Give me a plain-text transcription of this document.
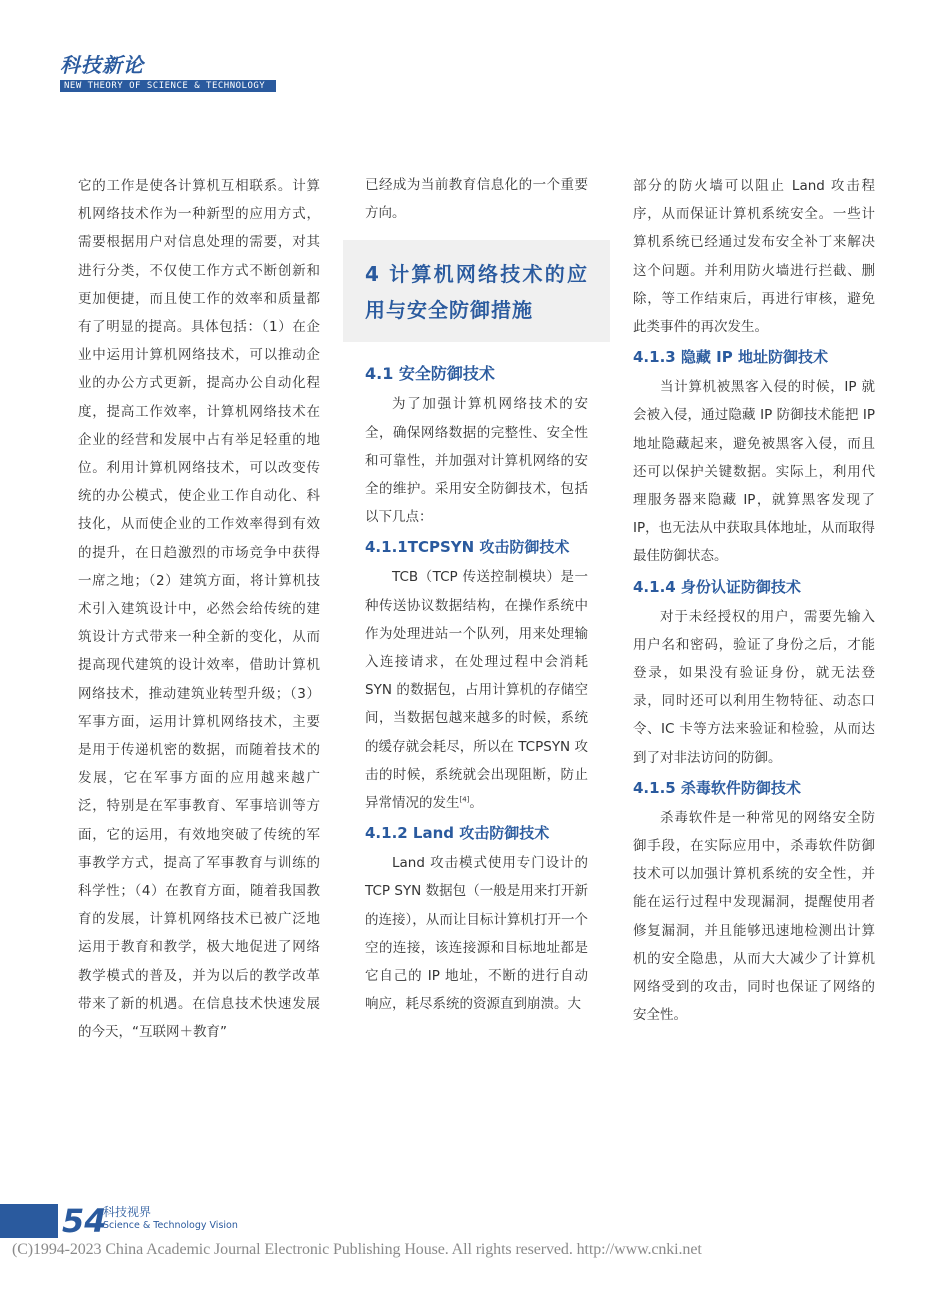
科技新论
NEW THEORY OF SCIENCE & TECHNOLOGY

它的工作是使各计算机互相联系。计算机网络技术作为一种新型的应用方式，需要根据用户对信息处理的需要，对其进行分类，不仅使工作方式不断创新和更加便捷，而且使工作的效率和质量都有了明显的提高。具体包括：（1）在企业中运用计算机网络技术，可以推动企业的办公方式更新，提高办公自动化程度，提高工作效率，计算机网络技术在企业的经营和发展中占有举足轻重的地位。利用计算机网络技术，可以改变传统的办公模式，使企业工作自动化、科技化，从而使企业的工作效率得到有效的提升，在日趋激烈的市场竞争中获得一席之地；（2）建筑方面，将计算机技术引入建筑设计中，必然会给传统的建筑设计方式带来一种全新的变化，从而提高现代建筑的设计效率，借助计算机网络技术，推动建筑业转型升级；（3）军事方面，运用计算机网络技术，主要是用于传递机密的数据，而随着技术的发展，它在军事方面的应用越来越广泛，特别是在军事教育、军事培训等方面，它的运用，有效地突破了传统的军事教学方式，提高了军事教育与训练的科学性；（4）在教育方面，随着我国教育的发展，计算机网络技术已被广泛地运用于教育和教学，极大地促进了网络教学模式的普及，并为以后的教学改革带来了新的机遇。在信息技术快速发展的今天，“互联网＋教育”

已经成为当前教育信息化的一个重要方向。

4 计算机网络技术的应用与安全防御措施
4.1 安全防御技术

为了加强计算机网络技术的安全，确保网络数据的完整性、安全性和可靠性，并加强对计算机网络的安全的维护。采用安全防御技术，包括以下几点：

4.1.1TCPSYN 攻击防御技术

TCB（TCP 传送控制模块）是一种传送协议数据结构，在操作系统中作为处理进站一个队列，用来处理输入连接请求，在处理过程中会消耗 SYN 的数据包，占用计算机的存储空间，当数据包越来越多的时候，系统的缓存就会耗尽，所以在 TCPSYN 攻击的时候，系统就会出现阻断，防止异常情况的发生[4]。

4.1.2 Land 攻击防御技术

Land 攻击模式使用专门设计的 TCP SYN 数据包（一般是用来打开新的连接），从而让目标计算机打开一个空的连接，该连接源和目标地址都是它自己的 IP 地址，不断的进行自动响应，耗尽系统的资源直到崩溃。大

部分的防火墙可以阻止 Land 攻击程序，从而保证计算机系统安全。一些计算机系统已经通过发布安全补丁来解决这个问题。并利用防火墙进行拦截、删除，等工作结束后，再进行审核，避免此类事件的再次发生。

4.1.3 隐藏 IP 地址防御技术

当计算机被黑客入侵的时候，IP 就会被入侵，通过隐藏 IP 防御技术能把 IP 地址隐藏起来，避免被黑客入侵，而且还可以保护关键数据。实际上，利用代理服务器来隐藏 IP，就算黑客发现了 IP，也无法从中获取具体地址，从而取得最佳防御状态。

4.1.4 身份认证防御技术

对于未经授权的用户，需要先输入用户名和密码，验证了身份之后，才能登录，如果没有验证身份，就无法登录，同时还可以利用生物特征、动态口令、IC 卡等方法来验证和检验，从而达到了对非法访问的防御。

4.1.5 杀毒软件防御技术

杀毒软件是一种常见的网络安全防御手段，在实际应用中，杀毒软件防御技术可以加强计算机系统的安全性，并能在运行过程中发现漏洞，提醒使用者修复漏洞，并且能够迅速地检测出计算机的安全隐患，从而大大减少了计算机网络受到的攻击，同时也保证了网络的安全性。

54
科技视界
Science & Technology Vision
(C)1994-2023 China Academic Journal Electronic Publishing House. All rights reserved. http://www.cnki.net
